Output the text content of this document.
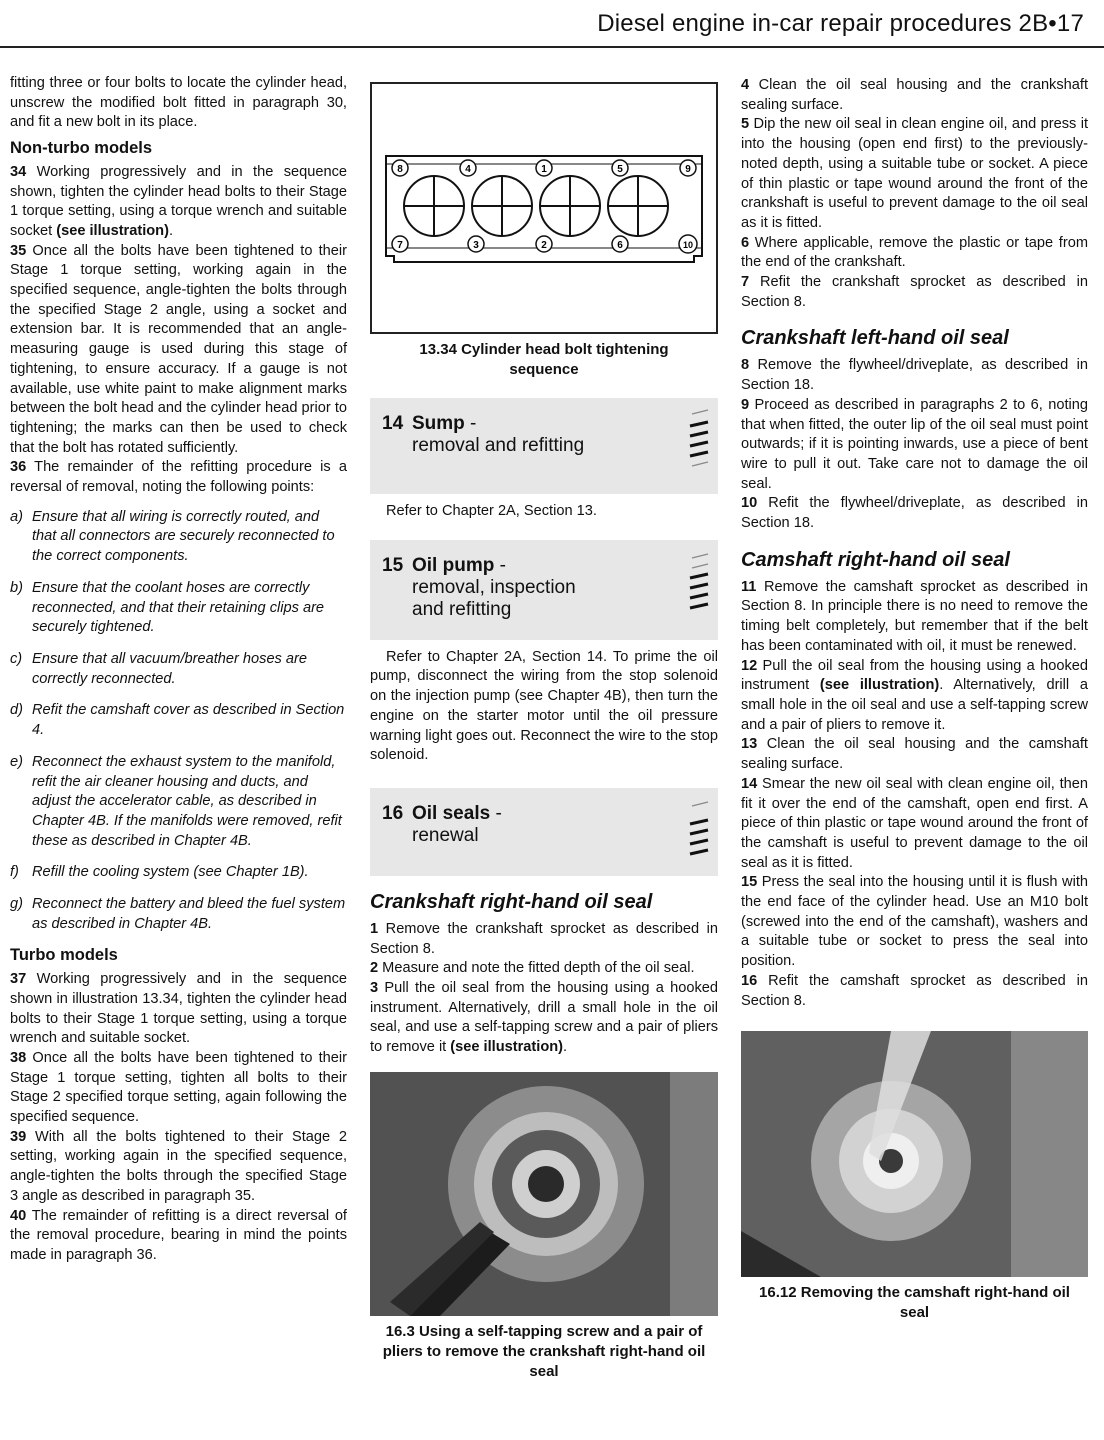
Diesel engine in-car repair procedures 2B•17

fitting three or four bolts to locate the cylinder head, unscrew the modified bolt fitted in paragraph 30, and fit a new bolt in its place.

Non-turbo models

34 Working progressively and in the sequence shown, tighten the cylinder head bolts to their Stage 1 torque setting, using a torque wrench and suitable socket (see illustration).

35 Once all the bolts have been tightened to their Stage 1 torque setting, working again in the specified sequence, angle-tighten the bolts through the specified Stage 2 angle, using a socket and extension bar. It is recommended that an angle-measuring gauge is used during this stage of tightening, to ensure accuracy. If a gauge is not available, use white paint to make alignment marks between the bolt head and the cylinder head prior to tightening; the marks can then be used to check that the bolt has rotated sufficiently.

36 The remainder of the refitting procedure is a reversal of removal, noting the following points:

a) Ensure that all wiring is correctly routed, and that all connectors are securely reconnected to the correct components.
b) Ensure that the coolant hoses are correctly reconnected, and that their retaining clips are securely tightened.
c) Ensure that all vacuum/breather hoses are correctly reconnected.
d) Refit the camshaft cover as described in Section 4.
e) Reconnect the exhaust system to the manifold, refit the air cleaner housing and ducts, and adjust the accelerator cable, as described in Chapter 4B. If the manifolds were removed, refit these as described in Chapter 4B.
f) Refill the cooling system (see Chapter 1B).
g) Reconnect the battery and bleed the fuel system as described in Chapter 4B.
Turbo models

37 Working progressively and in the sequence shown in illustration 13.34, tighten the cylinder head bolts to their Stage 1 torque setting, using a torque wrench and suitable socket.

38 Once all the bolts have been tightened to their Stage 1 torque setting, tighten all bolts to their Stage 2 specified torque setting, again following the specified sequence.

39 With all the bolts tightened to their Stage 2 setting, working again in the specified sequence, angle-tighten the bolts through the specified Stage 3 angle as described in paragraph 35.

40 The remainder of refitting is a direct reversal of the removal procedure, bearing in mind the points made in paragraph 36.

8	4	1	5	9
7	3	2	6	10
13.34 Cylinder head bolt tightening sequence
14 Sump -
removal and refitting

Refer to Chapter 2A, Section 13.

15 Oil pump -
removal, inspection
and refitting

Refer to Chapter 2A, Section 14. To prime the oil pump, disconnect the wiring from the stop solenoid on the injection pump (see Chapter 4B), then turn the engine on the starter motor until the oil pressure warning light goes out. Reconnect the wire to the stop solenoid.

16 Oil seals -
renewal
Crankshaft right-hand oil seal

1 Remove the crankshaft sprocket as described in Section 8.

2 Measure and note the fitted depth of the oil seal.

3 Pull the oil seal from the housing using a hooked instrument. Alternatively, drill a small hole in the oil seal, and use a self-tapping screw and a pair of pliers to remove it (see illustration).

16.3 Using a self-tapping screw and a pair of pliers to remove the crankshaft right-hand oil seal

4 Clean the oil seal housing and the crankshaft sealing surface.

5 Dip the new oil seal in clean engine oil, and press it into the housing (open end first) to the previously-noted depth, using a suitable tube or socket. A piece of thin plastic or tape wound around the front of the crankshaft is useful to prevent damage to the oil seal as it is fitted.

6 Where applicable, remove the plastic or tape from the end of the crankshaft.

7 Refit the crankshaft sprocket as described in Section 8.

Crankshaft left-hand oil seal

8 Remove the flywheel/driveplate, as described in Section 18.

9 Proceed as described in paragraphs 2 to 6, noting that when fitted, the outer lip of the oil seal must point outwards; if it is pointing inwards, use a piece of bent wire to pull it out. Take care not to damage the oil seal.

10 Refit the flywheel/driveplate, as described in Section 18.

Camshaft right-hand oil seal

11 Remove the camshaft sprocket as described in Section 8. In principle there is no need to remove the timing belt completely, but remember that if the belt has been contaminated with oil, it must be renewed.

12 Pull the oil seal from the housing using a hooked instrument (see illustration). Alternatively, drill a small hole in the oil seal and use a self-tapping screw and a pair of pliers to remove it.

13 Clean the oil seal housing and the camshaft sealing surface.

14 Smear the new oil seal with clean engine oil, then fit it over the end of the camshaft, open end first. A piece of thin plastic or tape wound around the front of the camshaft is useful to prevent damage to the oil seal as it is fitted.

15 Press the seal into the housing until it is flush with the end face of the cylinder head. Use an M10 bolt (screwed into the end of the camshaft), washers and a suitable tube or socket to press the seal into position.

16 Refit the camshaft sprocket as described in Section 8.

16.12 Removing the camshaft right-hand oil seal
